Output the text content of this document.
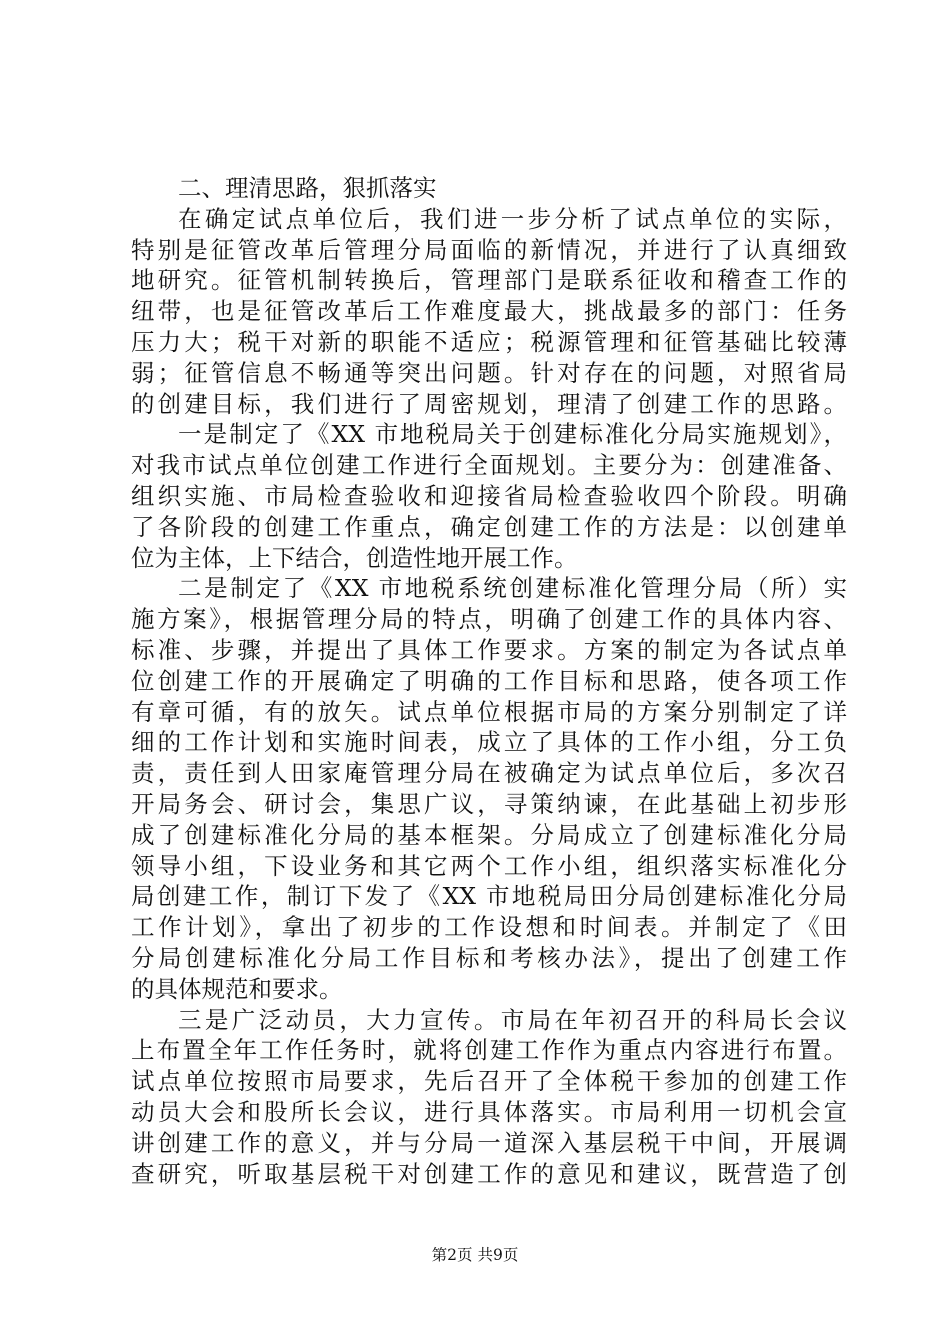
二、理清思路，狠抓落实
在确定试点单位后，我们进一步分析了试点单位的实际，
特别是征管改革后管理分局面临的新情况，并进行了认真细致
地研究。征管机制转换后，管理部门是联系征收和稽查工作的
纽带，也是征管改革后工作难度最大，挑战最多的部门：任务
压力大；税干对新的职能不适应；税源管理和征管基础比较薄
弱；征管信息不畅通等突出问题。针对存在的问题，对照省局
的创建目标，我们进行了周密规划，理清了创建工作的思路。
一是制定了《XX 市地税局关于创建标准化分局实施规划》，
对我市试点单位创建工作进行全面规划。主要分为：创建准备、
组织实施、市局检查验收和迎接省局检查验收四个阶段。明确
了各阶段的创建工作重点，确定创建工作的方法是：以创建单
位为主体，上下结合，创造性地开展工作。
二是制定了《XX 市地税系统创建标准化管理分局（所）实
施方案》，根据管理分局的特点，明确了创建工作的具体内容、
标准、步骤，并提出了具体工作要求。方案的制定为各试点单
位创建工作的开展确定了明确的工作目标和思路，使各项工作
有章可循，有的放矢。试点单位根据市局的方案分别制定了详
细的工作计划和实施时间表，成立了具体的工作小组，分工负
责，责任到人田家庵管理分局在被确定为试点单位后，多次召
开局务会、研讨会，集思广议，寻策纳谏，在此基础上初步形
成了创建标准化分局的基本框架。分局成立了创建标准化分局
领导小组，下设业务和其它两个工作小组，组织落实标准化分
局创建工作，制订下发了《XX 市地税局田分局创建标准化分局
工作计划》，拿出了初步的工作设想和时间表。并制定了《田
分局创建标准化分局工作目标和考核办法》，提出了创建工作
的具体规范和要求。
三是广泛动员，大力宣传。市局在年初召开的科局长会议
上布置全年工作任务时，就将创建工作作为重点内容进行布置。
试点单位按照市局要求，先后召开了全体税干参加的创建工作
动员大会和股所长会议，进行具体落实。市局利用一切机会宣
讲创建工作的意义，并与分局一道深入基层税干中间，开展调
查研究，听取基层税干对创建工作的意见和建议，既营造了创
第2页 共9页
